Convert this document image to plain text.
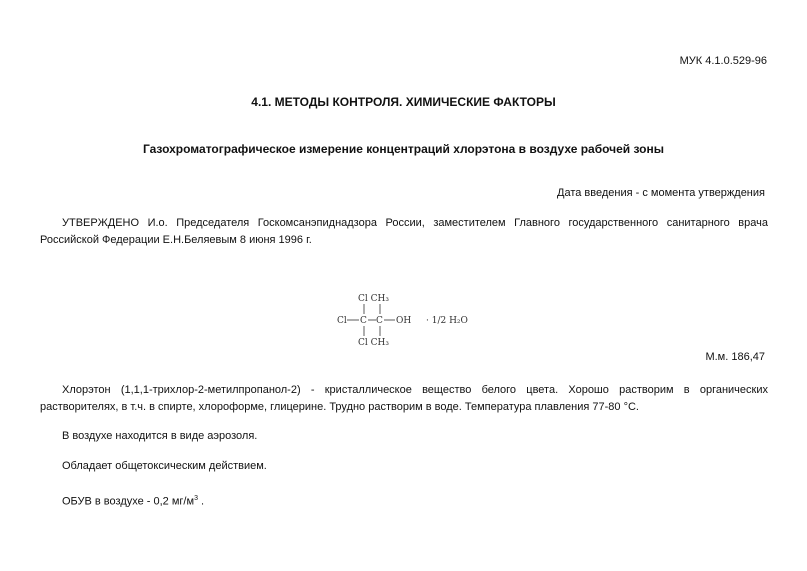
МУК 4.1.0.529-96
4.1. МЕТОДЫ КОНТРОЛЯ. ХИМИЧЕСКИЕ ФАКТОРЫ
Газохроматографическое измерение концентраций хлорэтона в воздухе рабочей зоны
Дата введения - с момента утверждения

УТВЕРЖДЕНО И.о. Председателя Госкомсанэпиднадзора России, заместителем Главного государственного санитарного врача Российской Федерации Е.Н.Беляевым 8 июня 1996 г.

Cl CH₃
Cl C C OH · 1/2 H₂O
Cl CH₃
М.м. 186,47

Хлорэтон (1,1,1-трихлор-2-метилпропанол-2) - кристаллическое вещество белого цвета. Хорошо растворим в органических растворителях, в т.ч. в спирте, хлороформе, глицерине. Трудно растворим в воде. Температура плавления 77-80 °С.

В воздухе находится в виде аэрозоля.

Обладает общетоксическим действием.

ОБУВ в воздухе - 0,2 $мг/м^3$ .
